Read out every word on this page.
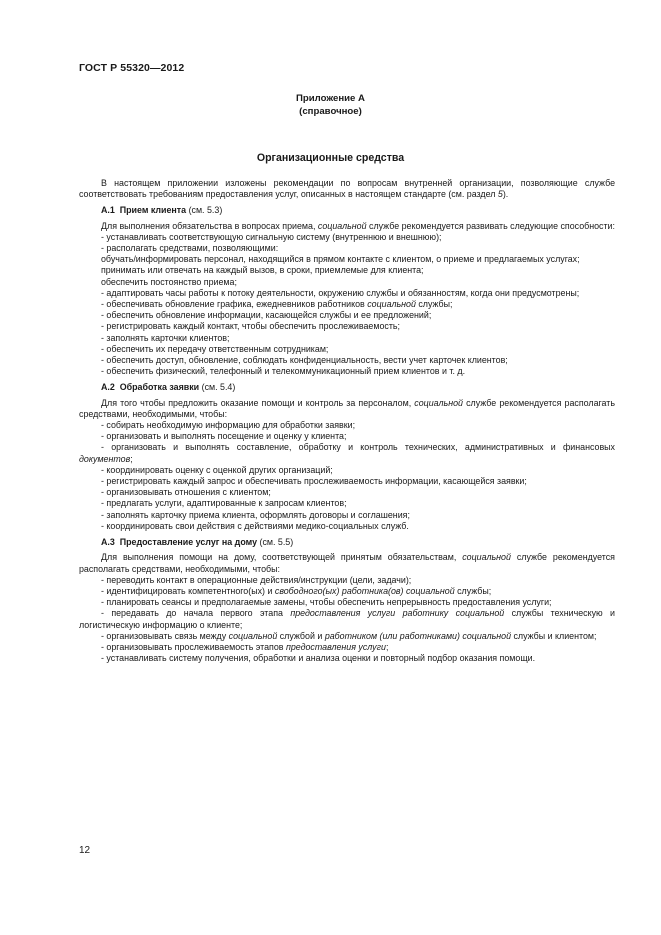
ГОСТ Р 55320—2012
Приложение А
(справочное)
Организационные средства

В настоящем приложении изложены рекомендации по вопросам внутренней организации, позволяющие службе соответствовать требованиям предоставления услуг, описанных в настоящем стандарте (см. раздел 5).

А.1 Прием клиента (см. 5.3)

Для выполнения обязательства в вопросах приема, социальной службе рекомендуется развивать следующие способности:

- устанавливать соответствующую сигнальную систему (внутреннюю и внешнюю);

- располагать средствами, позволяющими:

обучать/информировать персонал, находящийся в прямом контакте с клиентом, о приеме и предлагаемых услугах;

принимать или отвечать на каждый вызов, в сроки, приемлемые для клиента;

обеспечить постоянство приема;

- адаптировать часы работы к потоку деятельности, окружению службы и обязанностям, когда они предусмотрены;

- обеспечивать обновление графика, ежедневников работников социальной службы;

- обеспечить обновление информации, касающейся службы и ее предложений;

- регистрировать каждый контакт, чтобы обеспечить прослеживаемость;

- заполнять карточки клиентов;

- обеспечить их передачу ответственным сотрудникам;

- обеспечить доступ, обновление, соблюдать конфиденциальность, вести учет карточек клиентов;

- обеспечить физический, телефонный и телекоммуникационный прием клиентов и т. д.

А.2 Обработка заявки (см. 5.4)

Для того чтобы предложить оказание помощи и контроль за персоналом, социальной службе рекомендуется располагать средствами, необходимыми, чтобы:

- собирать необходимую информацию для обработки заявки;

- организовать и выполнять посещение и оценку у клиента;

- организовать и выполнять составление, обработку и контроль технических, административных и финансовых документов;

- координировать оценку с оценкой других организаций;

- регистрировать каждый запрос и обеспечивать прослеживаемость информации, касающейся заявки;

- организовывать отношения с клиентом;

- предлагать услуги, адаптированные к запросам клиентов;

- заполнять карточку приема клиента, оформлять договоры и соглашения;

- координировать свои действия с действиями медико-социальных служб.

А.3 Предоставление услуг на дому (см. 5.5)

Для выполнения помощи на дому, соответствующей принятым обязательствам, социальной службе рекомендуется располагать средствами, необходимыми, чтобы:

- переводить контакт в операционные действия/инструкции (цели, задачи);

- идентифицировать компетентного(ых) и свободного(ых) работника(ов) социальной службы;

- планировать сеансы и предполагаемые замены, чтобы обеспечить непрерывность предоставления услуги;

- передавать до начала первого этапа предоставления услуги работнику социальной службы техническую и логистическую информацию о клиенте;

- организовывать связь между социальной службой и работником (или работниками) социальной службы и клиентом;

- организовывать прослеживаемость этапов предоставления услуги;

- устанавливать систему получения, обработки и анализа оценки и повторный подбор оказания помощи.

12
